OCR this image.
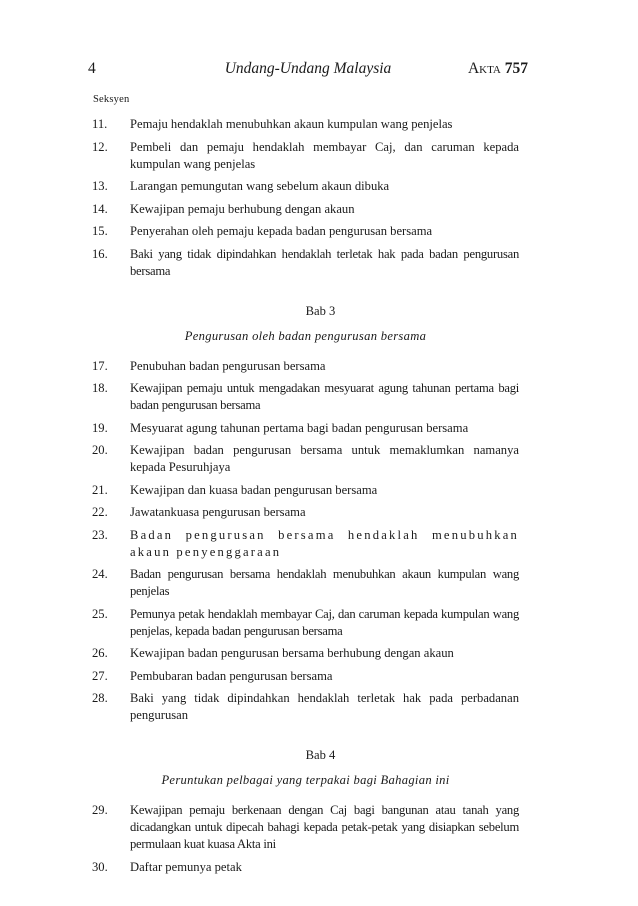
4	Undang-Undang Malaysia	Akta 757
Seksyen
11.	Pemaju hendaklah menubuhkan akaun kumpulan wang penjelas
12.	Pembeli dan pemaju hendaklah membayar Caj, dan caruman kepada kumpulan wang penjelas
13.	Larangan pemungutan wang sebelum akaun dibuka
14.	Kewajipan pemaju berhubung dengan akaun
15.	Penyerahan oleh pemaju kepada badan pengurusan bersama
16.	Baki yang tidak dipindahkan hendaklah terletak hak pada badan pengurusan bersama
Bab 3
Pengurusan oleh badan pengurusan bersama
17.	Penubuhan badan pengurusan bersama
18.	Kewajipan pemaju untuk mengadakan mesyuarat agung tahunan pertama bagi badan pengurusan bersama
19.	Mesyuarat agung tahunan pertama bagi badan pengurusan bersama
20.	Kewajipan badan pengurusan bersama untuk memaklumkan namanya kepada Pesuruhjaya
21.	Kewajipan dan kuasa badan pengurusan bersama
22.	Jawatankuasa pengurusan bersama
23.	Badan pengurusan bersama hendaklah menubuhkan akaun penyenggaraan
24.	Badan pengurusan bersama hendaklah menubuhkan akaun kumpulan wang penjelas
25.	Pemunya petak hendaklah membayar Caj, dan caruman kepada kumpulan wang penjelas, kepada badan pengurusan bersama
26.	Kewajipan badan pengurusan bersama berhubung dengan akaun
27.	Pembubaran badan pengurusan bersama
28.	Baki yang tidak dipindahkan hendaklah terletak hak pada perbadanan pengurusan
Bab 4
Peruntukan pelbagai yang terpakai bagi Bahagian ini
29.	Kewajipan pemaju berkenaan dengan Caj bagi bangunan atau tanah yang dicadangkan untuk dipecah bahagi kepada petak-petak yang disiapkan sebelum permulaan kuat kuasa Akta ini
30.	Daftar pemunya petak
